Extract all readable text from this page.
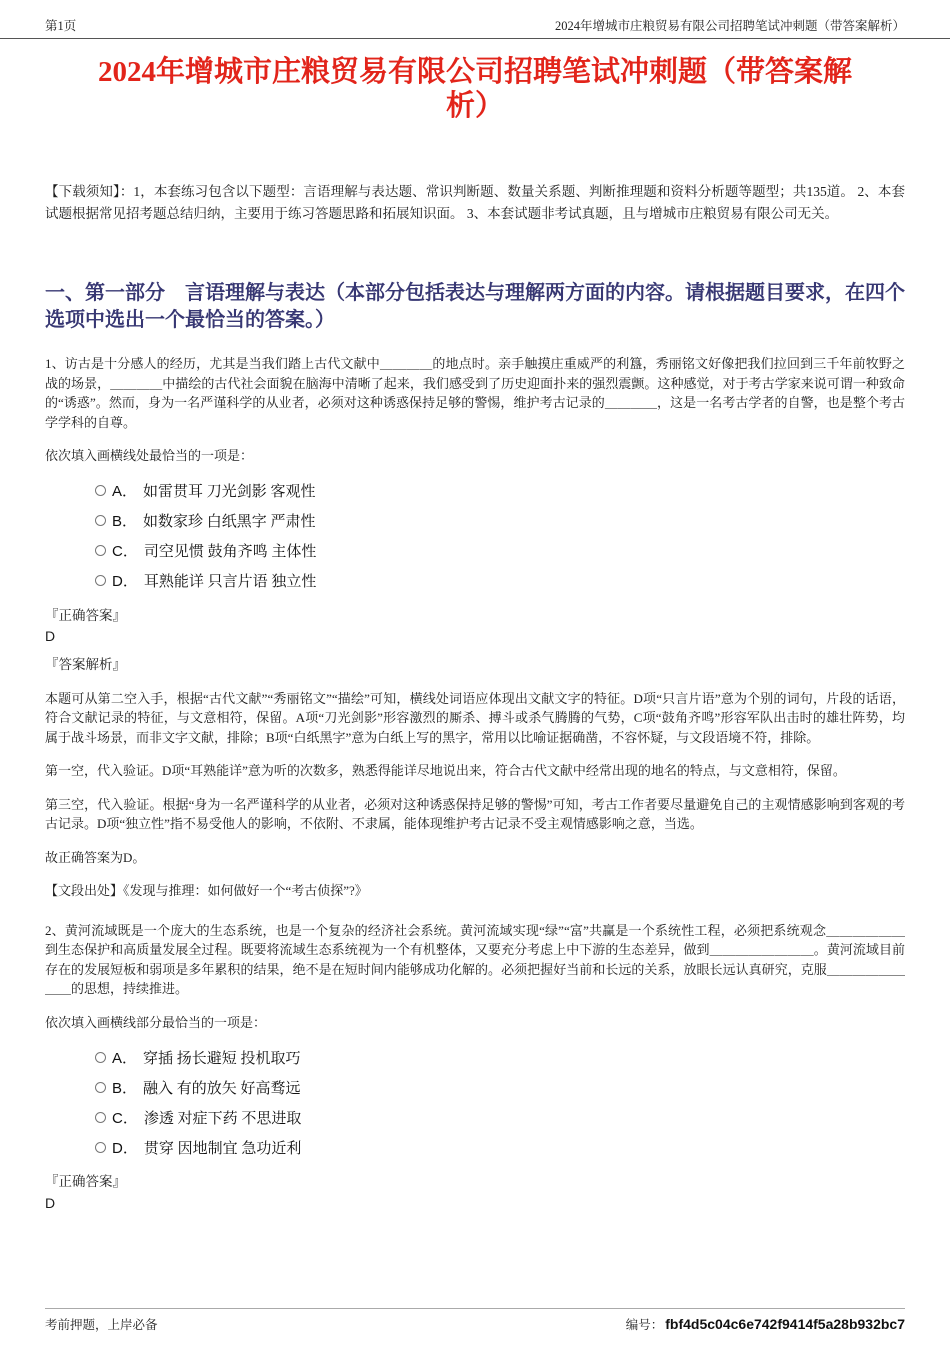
第1页	2024年增城市庄粮贸易有限公司招聘笔试冲刺题（带答案解析）
2024年增城市庄粮贸易有限公司招聘笔试冲刺题（带答案解析）

【下载须知】：1，本套练习包含以下题型：言语理解与表达题、常识判断题、数量关系题、判断推理题和资料分析题等题型；共135道。 2、本套试题根据常见招考题总结归纳，主要用于练习答题思路和拓展知识面。 3、本套试题非考试真题，且与增城市庄粮贸易有限公司无关。

一、第一部分　言语理解与表达（本部分包括表达与理解两方面的内容。请根据题目要求，在四个选项中选出一个最恰当的答案。）

1、访古是十分感人的经历，尤其是当我们踏上古代文献中＿＿＿＿的地点时。亲手触摸庄重威严的利簋，秀丽铭文好像把我们拉回到三千年前牧野之战的场景，＿＿＿＿中描绘的古代社会面貌在脑海中清晰了起来，我们感受到了历史迎面扑来的强烈震颤。这种感觉，对于考古学家来说可谓一种致命的“诱惑”。然而，身为一名严谨科学的从业者，必须对这种诱惑保持足够的警惕，维护考古记录的＿＿＿＿，这是一名考古学者的自警，也是整个考古学学科的自尊。

依次填入画横线处最恰当的一项是：

A． 如雷贯耳 刀光剑影 客观性
B． 如数家珍 白纸黑字 严肃性
C． 司空见惯 鼓角齐鸣 主体性
D． 耳熟能详 只言片语 独立性

『正确答案』

D

『答案解析』

本题可从第二空入手，根据“古代文献”“秀丽铭文”“描绘”可知，横线处词语应体现出文献文字的特征。D项“只言片语”意为个别的词句，片段的话语，符合文献记录的特征，与文意相符，保留。A项“刀光剑影”形容激烈的厮杀、搏斗或杀气腾腾的气势，C项“鼓角齐鸣”形容军队出击时的雄壮阵势，均属于战斗场景，而非文字文献，排除；B项“白纸黑字”意为白纸上写的黑字，常用以比喻证据确凿，不容怀疑，与文段语境不符，排除。

第一空，代入验证。D项“耳熟能详”意为听的次数多，熟悉得能详尽地说出来，符合古代文献中经常出现的地名的特点，与文意相符，保留。

第三空，代入验证。根据“身为一名严谨科学的从业者，必须对这种诱惑保持足够的警惕”可知，考古工作者要尽量避免自己的主观情感影响到客观的考古记录。D项“独立性”指不易受他人的影响，不依附、不隶属，能体现维护考古记录不受主观情感影响之意，当选。

故正确答案为D。

【文段出处】《发现与推理：如何做好一个“考古侦探”?》

2、黄河流域既是一个庞大的生态系统，也是一个复杂的经济社会系统。黄河流域实现“绿”“富”共赢是一个系统性工程，必须把系统观念＿＿＿＿＿＿到生态保护和高质量发展全过程。既要将流域生态系统视为一个有机整体，又要充分考虑上中下游的生态差异，做到＿＿＿＿＿＿＿＿。黄河流域目前存在的发展短板和弱项是多年累积的结果，绝不是在短时间内能够成功化解的。必须把握好当前和长远的关系，放眼长远认真研究，克服＿＿＿＿＿＿＿＿的思想，持续推进。

依次填入画横线部分最恰当的一项是：

A． 穿插 扬长避短 投机取巧
B． 融入 有的放矢 好高骛远
C． 渗透 对症下药 不思进取
D． 贯穿 因地制宜 急功近利

『正确答案』

D

考前押题，上岸必备	编号： fbf4d5c04c6e742f9414f5a28b932bc7
